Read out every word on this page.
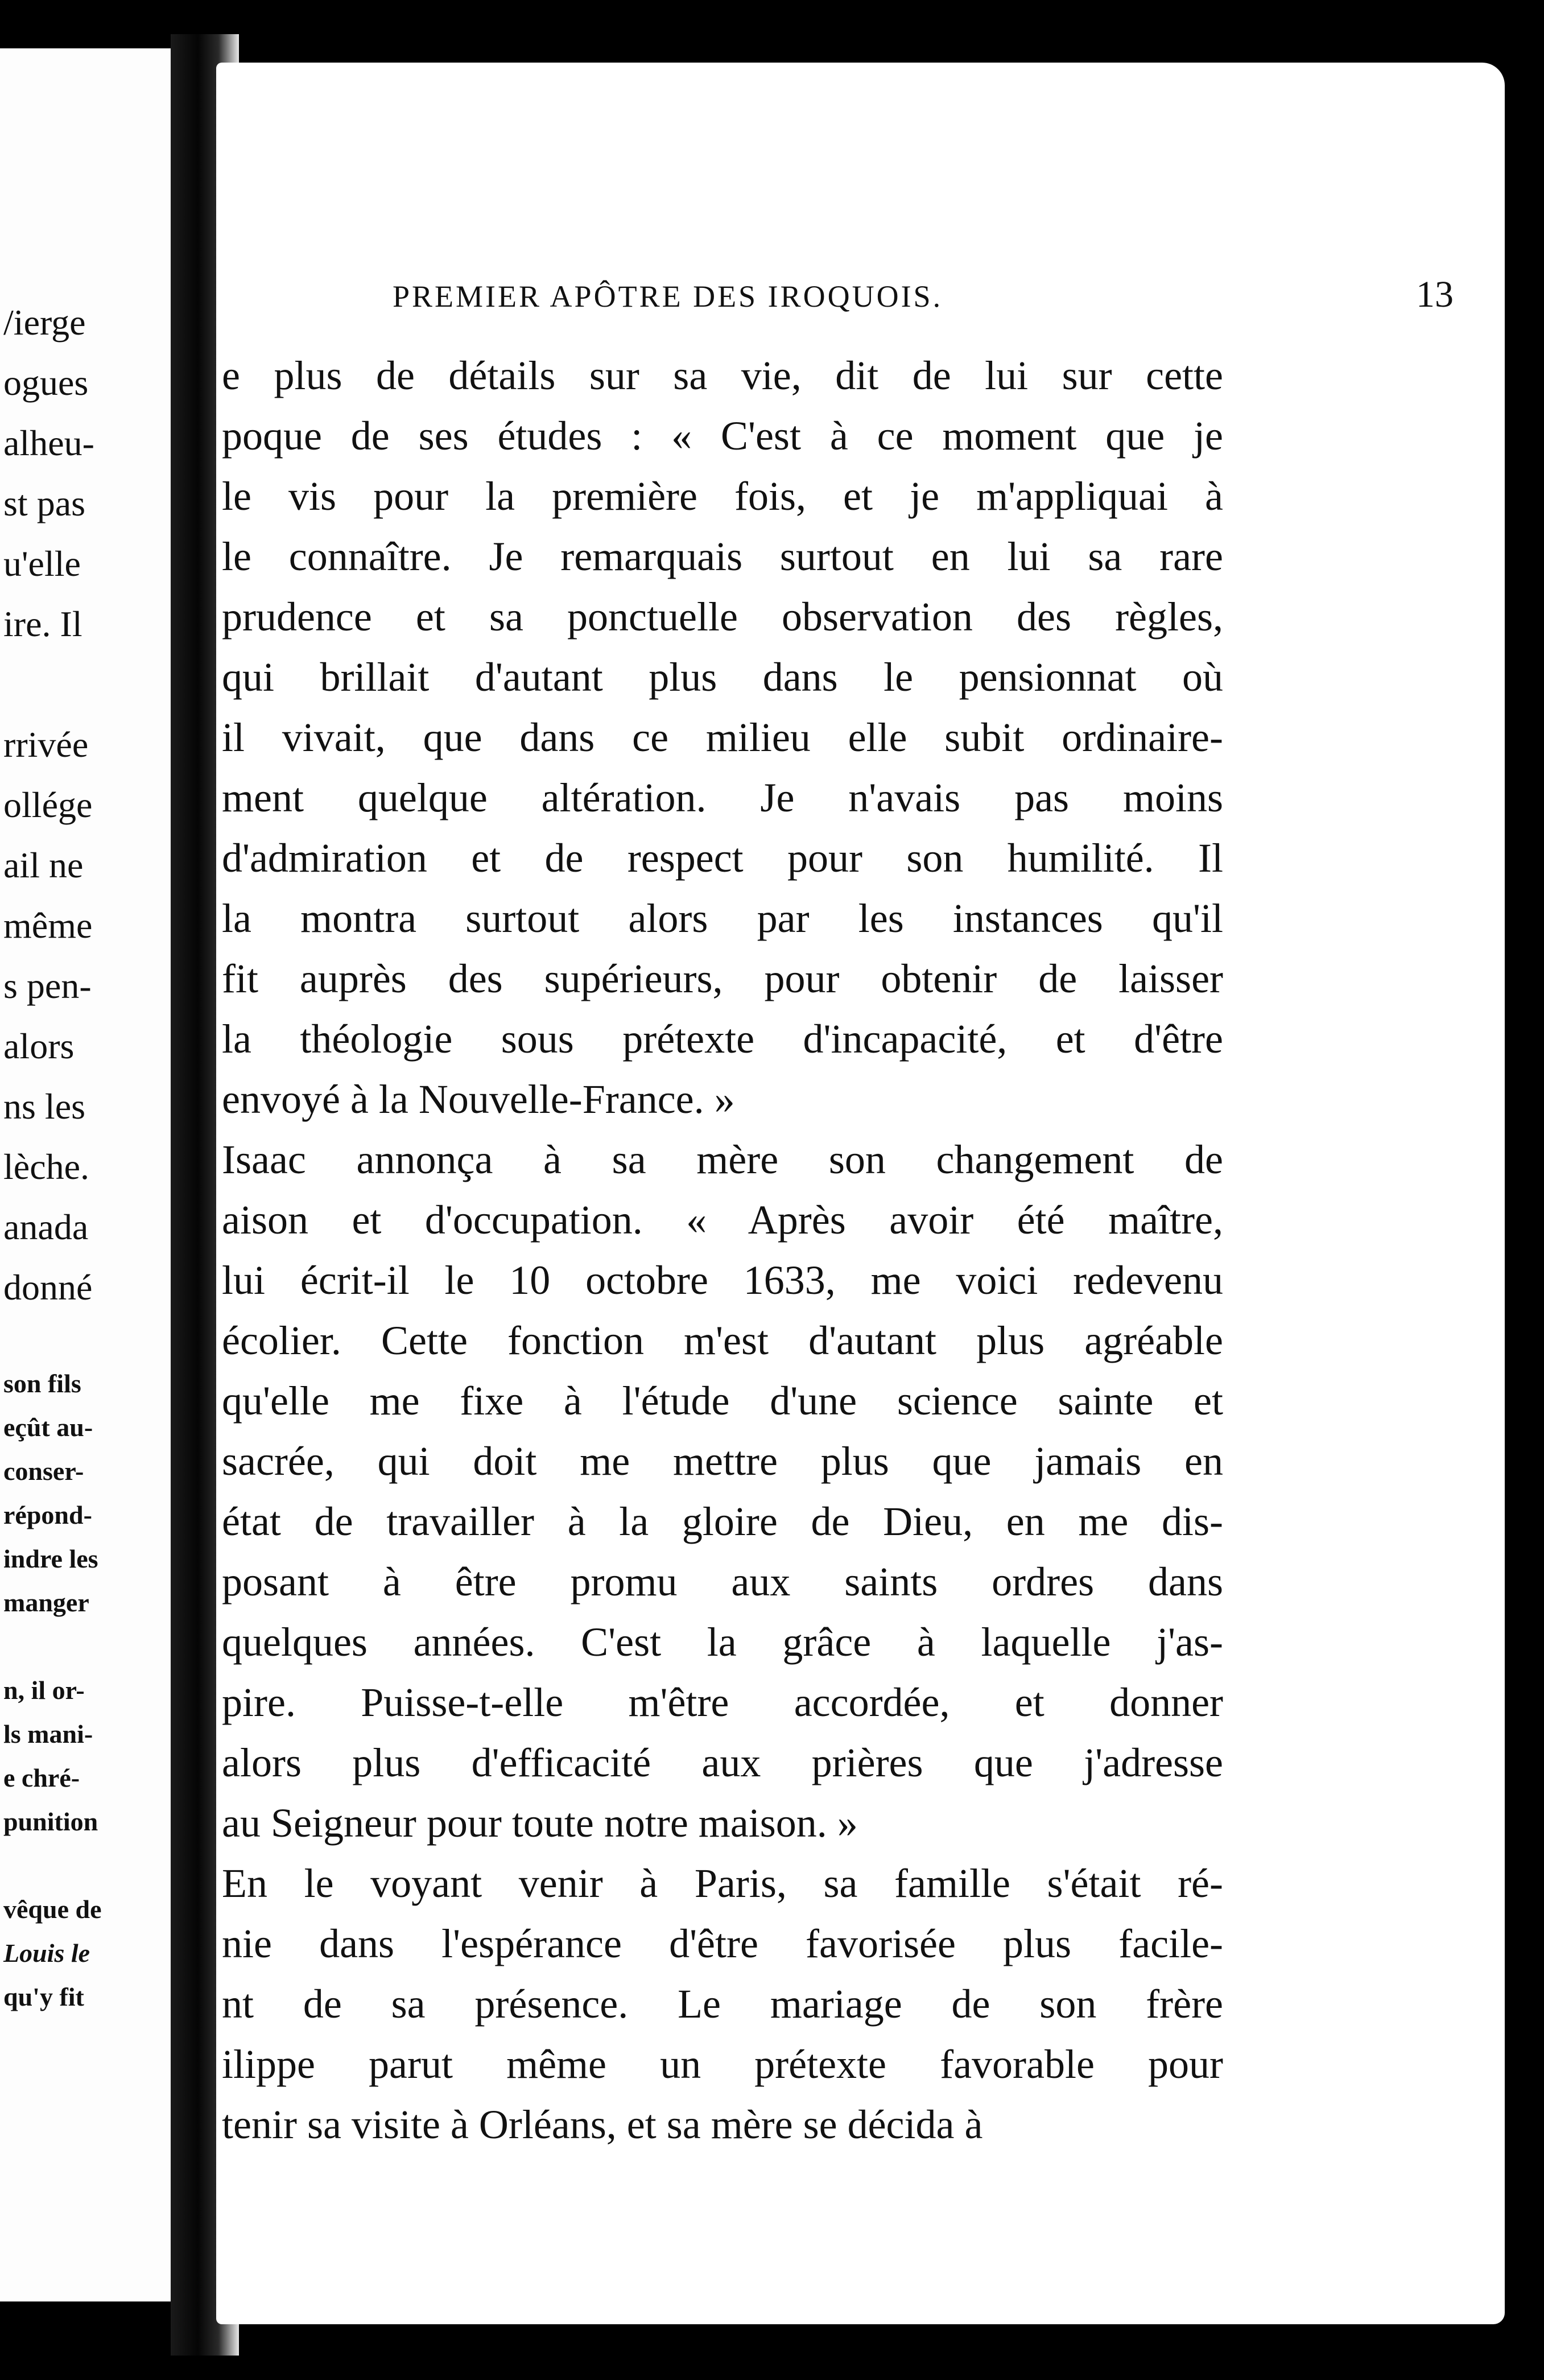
/ierge
ogues
alheu-
st pas
u'elle
ire. Il
rrivée
ollége
ail ne
même
s pen-
alors
ns les
lèche.
anada
donné
son fils
eçût au-
conser-
répond-
indre les
manger
n, il or-
ls mani-
e chré-
punition
vêque de
Louis le
qu'y fit
PREMIER APÔTRE DES IROQUOIS.	13
e plus de détails sur sa vie, dit de lui sur cette
poque de ses études : « C'est à ce moment que je
le vis pour la première fois, et je m'appliquai à
le connaître. Je remarquais surtout en lui sa rare
prudence et sa ponctuelle observation des règles,
qui brillait d'autant plus dans le pensionnat où
il vivait, que dans ce milieu elle subit ordinaire-
ment quelque altération. Je n'avais pas moins
d'admiration et de respect pour son humilité. Il
la montra surtout alors par les instances qu'il
fit auprès des supérieurs, pour obtenir de laisser
la théologie sous prétexte d'incapacité, et d'être
envoyé à la Nouvelle-France. »
Isaac annonça à sa mère son changement de
aison et d'occupation. « Après avoir été maître,
lui écrit-il le 10 octobre 1633, me voici redevenu
écolier. Cette fonction m'est d'autant plus agréable
qu'elle me fixe à l'étude d'une science sainte et
sacrée, qui doit me mettre plus que jamais en
état de travailler à la gloire de Dieu, en me dis-
posant à être promu aux saints ordres dans
quelques années. C'est la grâce à laquelle j'as-
pire. Puisse-t-elle m'être accordée, et donner
alors plus d'efficacité aux prières que j'adresse
au Seigneur pour toute notre maison. »
En le voyant venir à Paris, sa famille s'était ré-
nie dans l'espérance d'être favorisée plus facile-
nt de sa présence. Le mariage de son frère
ilippe parut même un prétexte favorable pour
tenir sa visite à Orléans, et sa mère se décida à
